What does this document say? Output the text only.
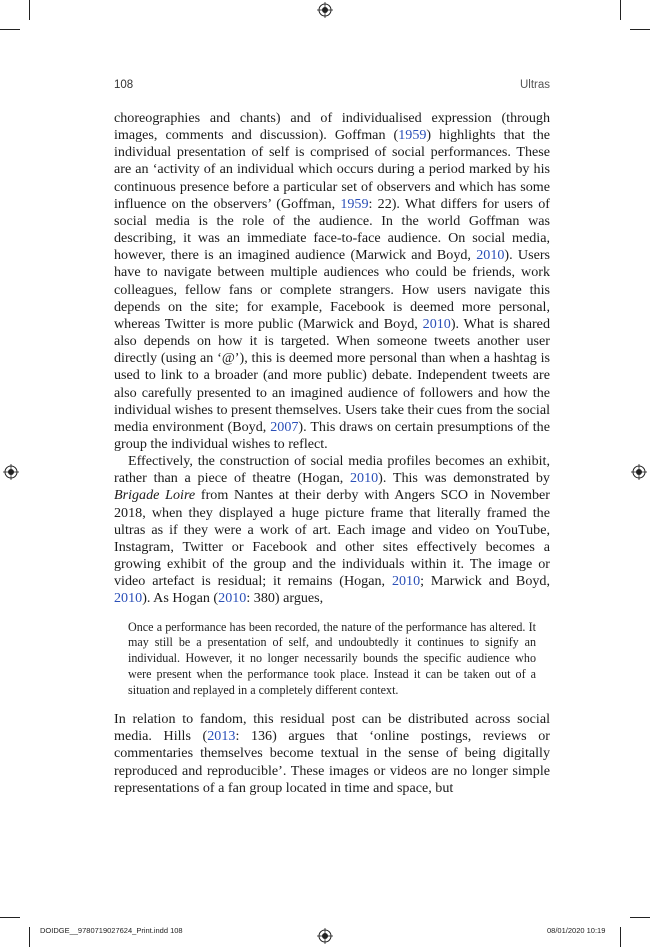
108	Ultras

choreographies and chants) and of individualised expression (through images, comments and discussion). Goffman (1959) highlights that the individual presentation of self is comprised of social performances. These are an ‘activity of an individual which occurs during a period marked by his continuous presence before a particular set of observers and which has some influence on the observers’ (Goffman, 1959: 22). What differs for users of social media is the role of the audience. In the world Goffman was describing, it was an immediate face-to-face audience. On social media, however, there is an imagined audience (Marwick and Boyd, 2010). Users have to navigate between multiple audiences who could be friends, work colleagues, fellow fans or complete strangers. How users navigate this depends on the site; for example, Facebook is deemed more personal, whereas Twitter is more public (Marwick and Boyd, 2010). What is shared also depends on how it is targeted. When someone tweets another user directly (using an ‘@’), this is deemed more personal than when a hashtag is used to link to a broader (and more public) debate. Independent tweets are also carefully presented to an imagined audience of followers and how the individual wishes to present themselves. Users take their cues from the social media environment (Boyd, 2007). This draws on certain presumptions of the group the individual wishes to reflect.

Effectively, the construction of social media profiles becomes an exhibit, rather than a piece of theatre (Hogan, 2010). This was demonstrated by Brigade Loire from Nantes at their derby with Angers SCO in November 2018, when they displayed a huge picture frame that literally framed the ultras as if they were a work of art. Each image and video on YouTube, Instagram, Twitter or Facebook and other sites effectively becomes a growing exhibit of the group and the individuals within it. The image or video artefact is residual; it remains (Hogan, 2010; Marwick and Boyd, 2010). As Hogan (2010: 380) argues,

Once a performance has been recorded, the nature of the performance has altered. It may still be a presentation of self, and undoubtedly it continues to signify an individual. However, it no longer necessarily bounds the specific audience who were present when the performance took place. Instead it can be taken out of a situation and replayed in a completely different context.

In relation to fandom, this residual post can be distributed across social media. Hills (2013: 136) argues that ‘online postings, reviews or commentaries themselves become textual in the sense of being digitally reproduced and reproducible’. These images or videos are no longer simple representations of a fan group located in time and space, but

DOIDGE__9780719027624_Print.indd 108	08/01/2020 10:19
